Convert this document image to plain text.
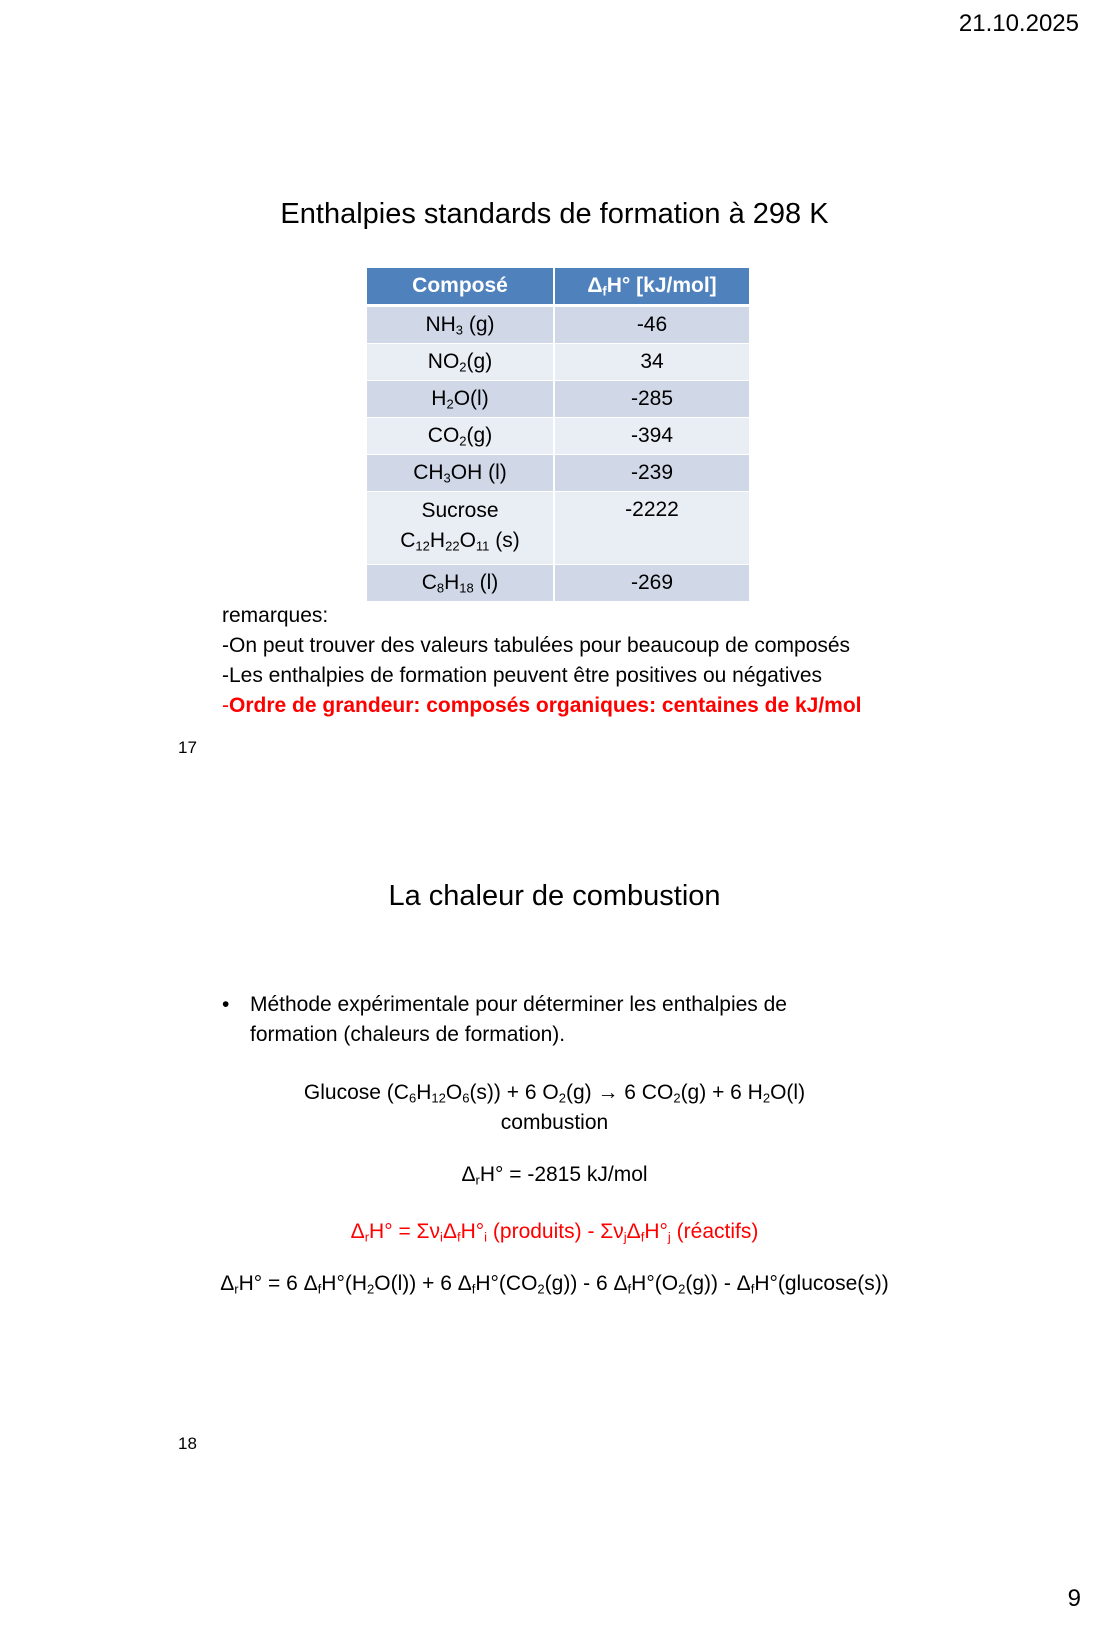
21.10.2025
Enthalpies standards de formation à 298 K
Composé	$\Delta_fH^\circ$ [kJ/mol]
$NH_3$ (g)	-46
$NO_2(g)$	34
$H_2O(l)$	-285
$CO_2(g)$	-394
$CH_3OH$ (l)	-239

Sucrose
$C_{12}H_{22}O_{11}$ (s)	-2222
$C_8H_{18}$ (l)	-269
remarques:
-On peut trouver des valeurs tabulées pour beaucoup de composés
-Les enthalpies de formation peuvent être positives ou négatives
-Ordre de grandeur: composés organiques: centaines de kJ/mol
17
La chaleur de combustion
• Méthode expérimentale pour déterminer les enthalpies de
formation (chaleurs de formation).
Glucose $(C_6H_{12}O_6(s)) + 6$ $O_2(g) \to 6$ $CO_2(g) + 6$ $H_2O(l)$
combustion
$\Delta_rH^\circ = -2815$ kJ/mol
$\Delta_rH^\circ = \Sigma\nu_i\Delta_fH^\circ_i$ (produits) - $\Sigma\nu_j\Delta_fH^\circ_j$ (réactifs)
$\Delta_rH^\circ = 6$ $\Delta_fH^\circ(H_2O(l)) + 6$ $\Delta_fH^\circ(CO_2(g)) - 6$ $\Delta_fH^\circ(O_2(g)) - \Delta_fH^\circ(glucose(s))$
18
9
